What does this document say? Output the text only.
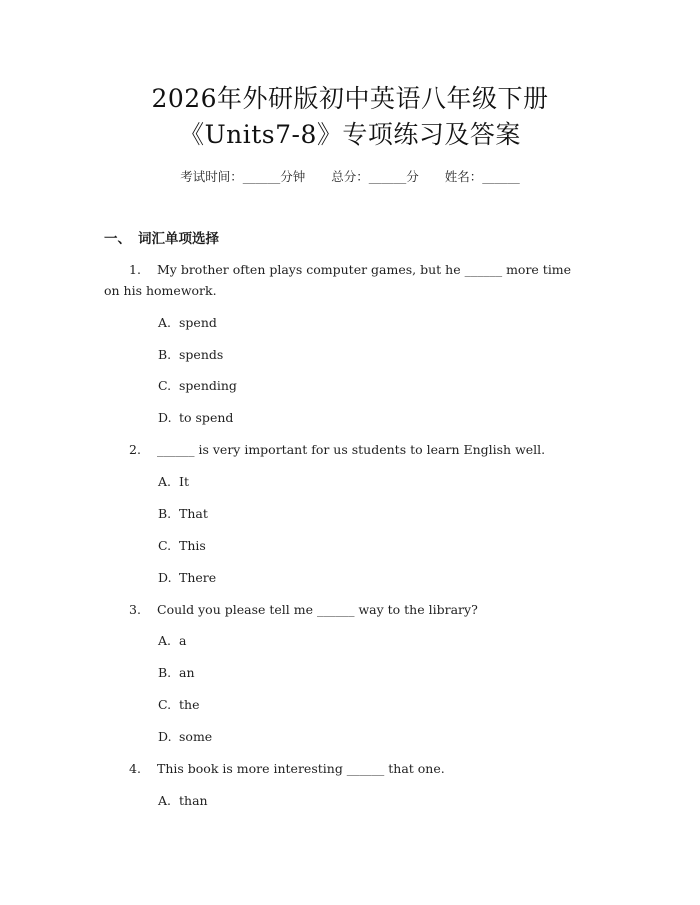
2026年外研版初中英语八年级下册
《Units7-8》专项练习及答案
考试时间：______分钟 总分：______分 姓名：______
一、 词汇单项选择
1.	My brother often plays computer games, but he ______ more time
on his homework.
A. spend
B. spends
C. spending
D. to spend
2.	______ is very important for us students to learn English well.
A. It
B. That
C. This
D. There
3.	Could you please tell me ______ way to the library?
A. a
B. an
C. the
D. some
4.	This book is more interesting ______ that one.
A. than
